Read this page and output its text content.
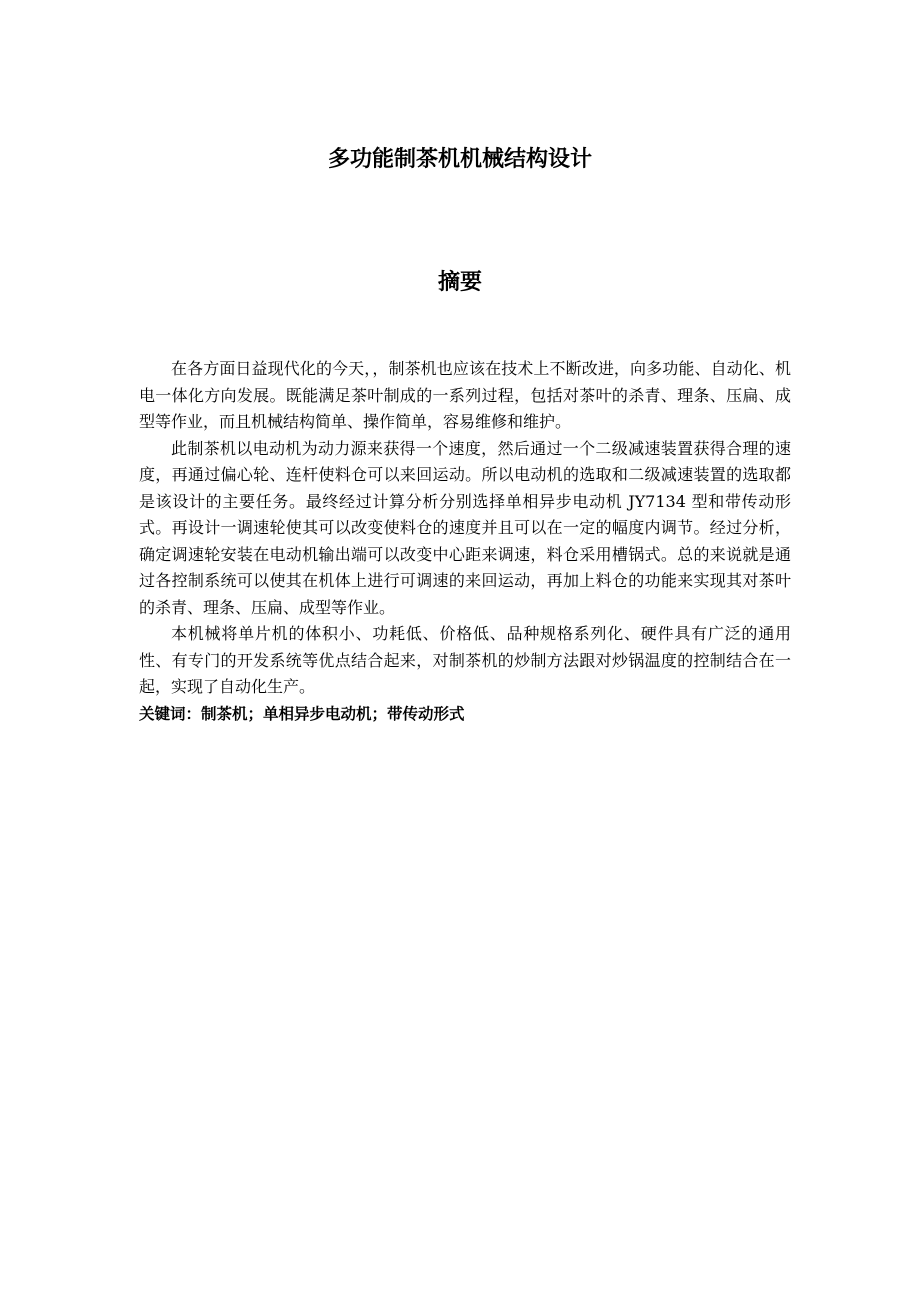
多功能制茶机机械结构设计
摘要

在各方面日益现代化的今天，，制茶机也应该在技术上不断改进，向多功能、自动化、机电一体化方向发展。既能满足茶叶制成的一系列过程，包括对茶叶的杀青、理条、压扁、成型等作业，而且机械结构简单、操作简单，容易维修和维护。

此制茶机以电动机为动力源来获得一个速度，然后通过一个二级减速装置获得合理的速度，再通过偏心轮、连杆使料仓可以来回运动。所以电动机的选取和二级减速装置的选取都是该设计的主要任务。最终经过计算分析分别选择单相异步电动机 JY7134 型和带传动形式。再设计一调速轮使其可以改变使料仓的速度并且可以在一定的幅度内调节。经过分析，确定调速轮安装在电动机输出端可以改变中心距来调速，料仓采用槽锅式。总的来说就是通过各控制系统可以使其在机体上进行可调速的来回运动，再加上料仓的功能来实现其对茶叶的杀青、理条、压扁、成型等作业。

本机械将单片机的体积小、功耗低、价格低、品种规格系列化、硬件具有广泛的通用性、有专门的开发系统等优点结合起来，对制茶机的炒制方法跟对炒锅温度的控制结合在一起，实现了自动化生产。

关键词：制茶机；单相异步电动机；带传动形式
